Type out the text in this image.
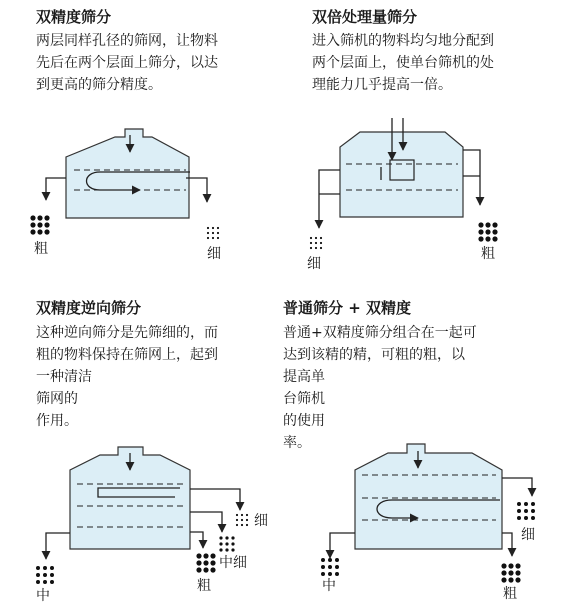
双精度筛分
两层同样孔径的筛网，让物料
先后在两个层面上筛分，以达
到更高的筛分精度。
双倍处理量筛分
进入筛机的物料均匀地分配到
两个层面上，使单台筛机的处
理能力几乎提高一倍。
双精度逆向筛分
这种逆向筛分是先筛细的，而
粗的物料保持在筛网上，起到
一种清洁
筛网的
作用。
普通筛分 + 双精度
普通+双精度筛分组合在一起可
达到该精的精，可粗的粗，以
提高单
台筛机
的使用
率。
粗	细
细
粗
细
中细
粗
中
细
粗
中
